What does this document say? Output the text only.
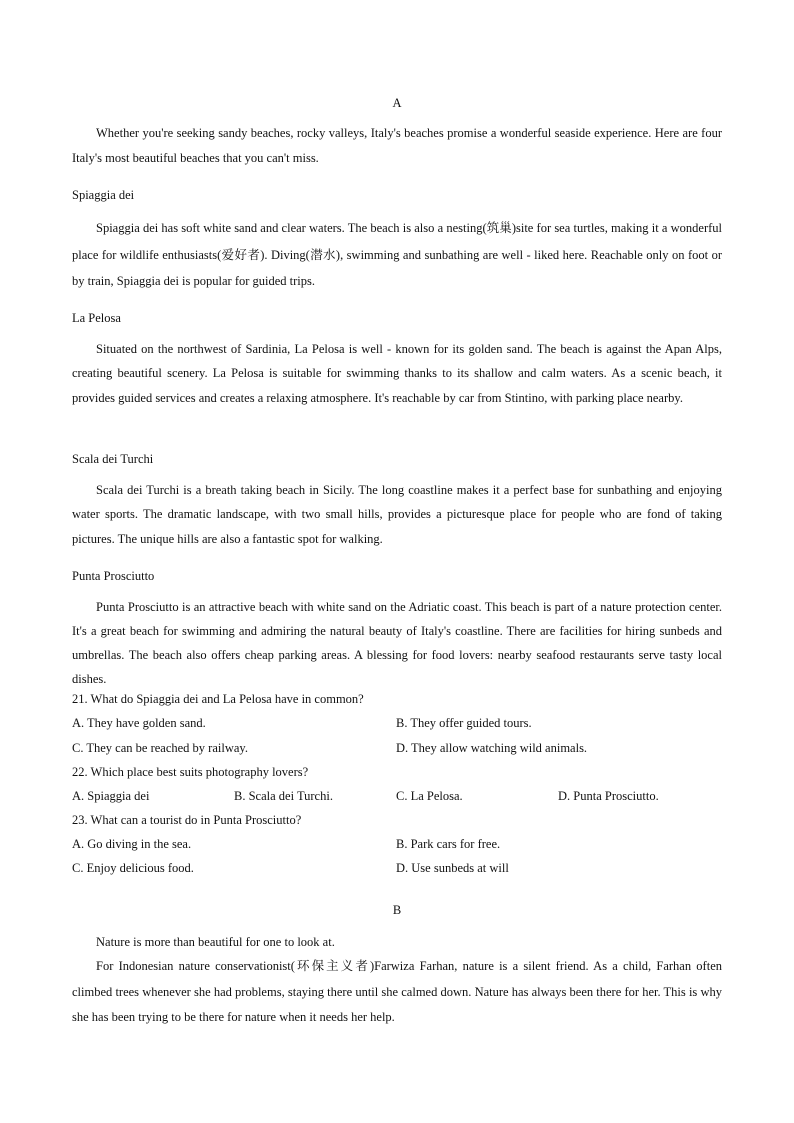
A
Whether you're seeking sandy beaches, rocky valleys, Italy's beaches promise a wonderful seaside experience. Here are four Italy's most beautiful beaches that you can't miss.
Spiaggia dei
Spiaggia dei has soft white sand and clear waters. The beach is also a nesting(筑巢)site for sea turtles, making it a wonderful place for wildlife enthusiasts(爱好者). Diving(潜水), swimming and sunbathing are well - liked here. Reachable only on foot or by train, Spiaggia dei is popular for guided trips.
La Pelosa
Situated on the northwest of Sardinia, La Pelosa is well - known for its golden sand. The beach is against the Apan Alps, creating beautiful scenery. La Pelosa is suitable for swimming thanks to its shallow and calm waters. As a scenic beach, it provides guided services and creates a relaxing atmosphere. It's reachable by car from Stintino, with parking place nearby.
Scala dei Turchi
Scala dei Turchi is a breath taking beach in Sicily. The long coastline makes it a perfect base for sunbathing and enjoying water sports. The dramatic landscape, with two small hills, provides a picturesque place for people who are fond of taking pictures. The unique hills are also a fantastic spot for walking.
Punta Prosciutto
Punta Prosciutto is an attractive beach with white sand on the Adriatic coast. This beach is part of a nature protection center. It's a great beach for swimming and admiring the natural beauty of Italy's coastline. There are facilities for hiring sunbeds and umbrellas. The beach also offers cheap parking areas. A blessing for food lovers: nearby seafood restaurants serve tasty local dishes.
21. What do Spiaggia dei and La Pelosa have in common?
A. They have golden sand.	B. They offer guided tours.
C. They can be reached by railway.	D. They allow watching wild animals.
22. Which place best suits photography lovers?
A. Spiaggia dei	B. Scala dei Turchi.	C. La Pelosa.	D. Punta Prosciutto.
23. What can a tourist do in Punta Prosciutto?
A. Go diving in the sea.	B. Park cars for free.
C. Enjoy delicious food.	D. Use sunbeds at will
B
Nature is more than beautiful for one to look at.
For Indonesian nature conservationist(环保主义者)Farwiza Farhan, nature is a silent friend. As a child, Farhan often climbed trees whenever she had problems, staying there until she calmed down. Nature has always been there for her. This is why she has been trying to be there for nature when it needs her help.
